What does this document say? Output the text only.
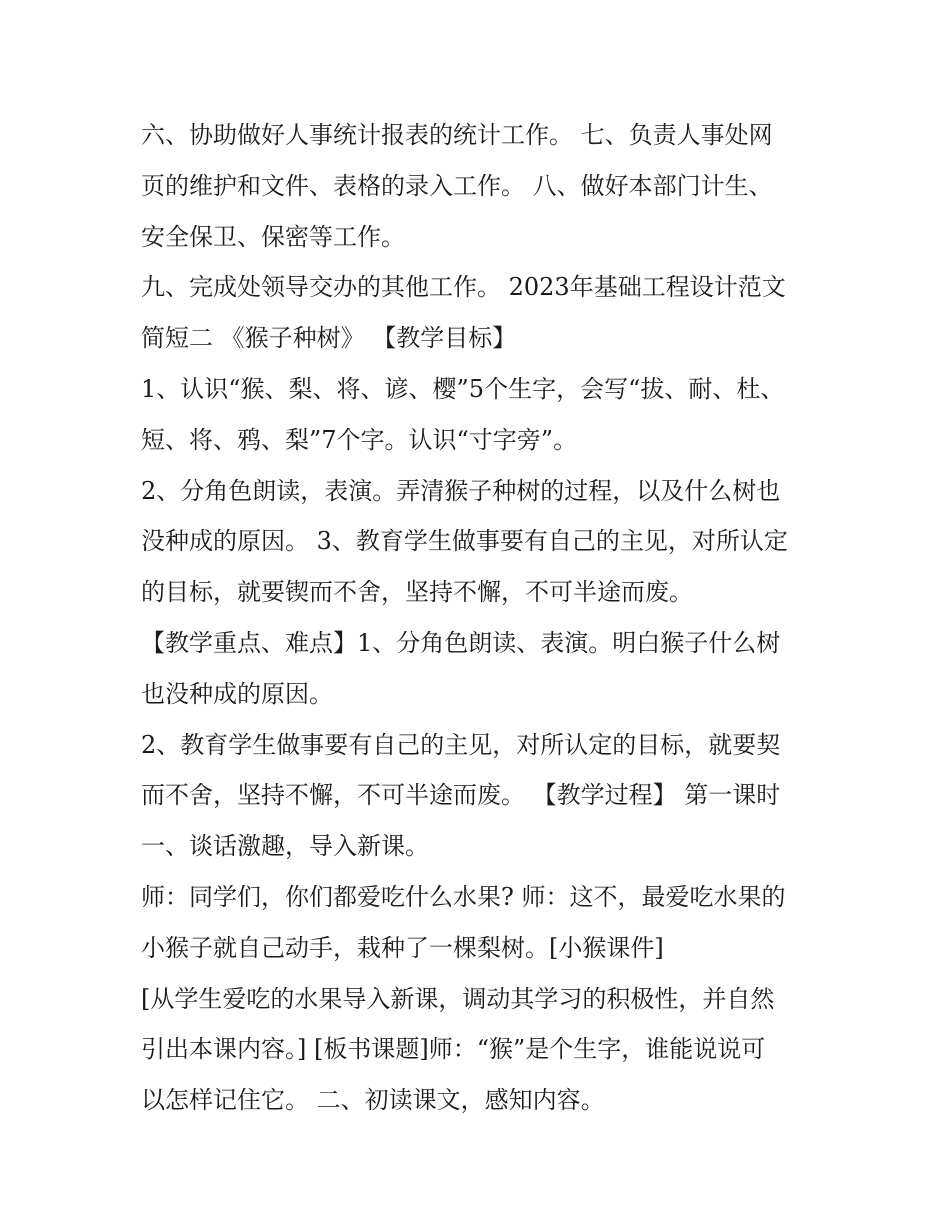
六、协助做好人事统计报表的统计工作。 七、负责人事处网
页的维护和文件、表格的录入工作。 八、做好本部门计生、
安全保卫、保密等工作。
九、完成处领导交办的其他工作。 2023年基础工程设计范文
简短二 《猴子种树》 【教学目标】
1、认识“猴、梨、将、谚、樱”5个生字，会写“拔、耐、杜、
短、将、鸦、梨”7个字。认识“寸字旁”。
2、分角色朗读，表演。弄清猴子种树的过程，以及什么树也
没种成的原因。 3、教育学生做事要有自己的主见，对所认定
的目标，就要锲而不舍，坚持不懈，不可半途而废。
【教学重点、难点】1、分角色朗读、表演。明白猴子什么树
也没种成的原因。
2、教育学生做事要有自己的主见，对所认定的目标，就要契
而不舍，坚持不懈，不可半途而废。 【教学过程】 第一课时
一、谈话激趣，导入新课。
师：同学们，你们都爱吃什么水果? 师：这不，最爱吃水果的
小猴子就自己动手，栽种了一棵梨树。[小猴课件]
[从学生爱吃的水果导入新课，调动其学习的积极性，并自然
引出本课内容。] [板书课题]师：“猴”是个生字，谁能说说可
以怎样记住它。 二、初读课文，感知内容。
